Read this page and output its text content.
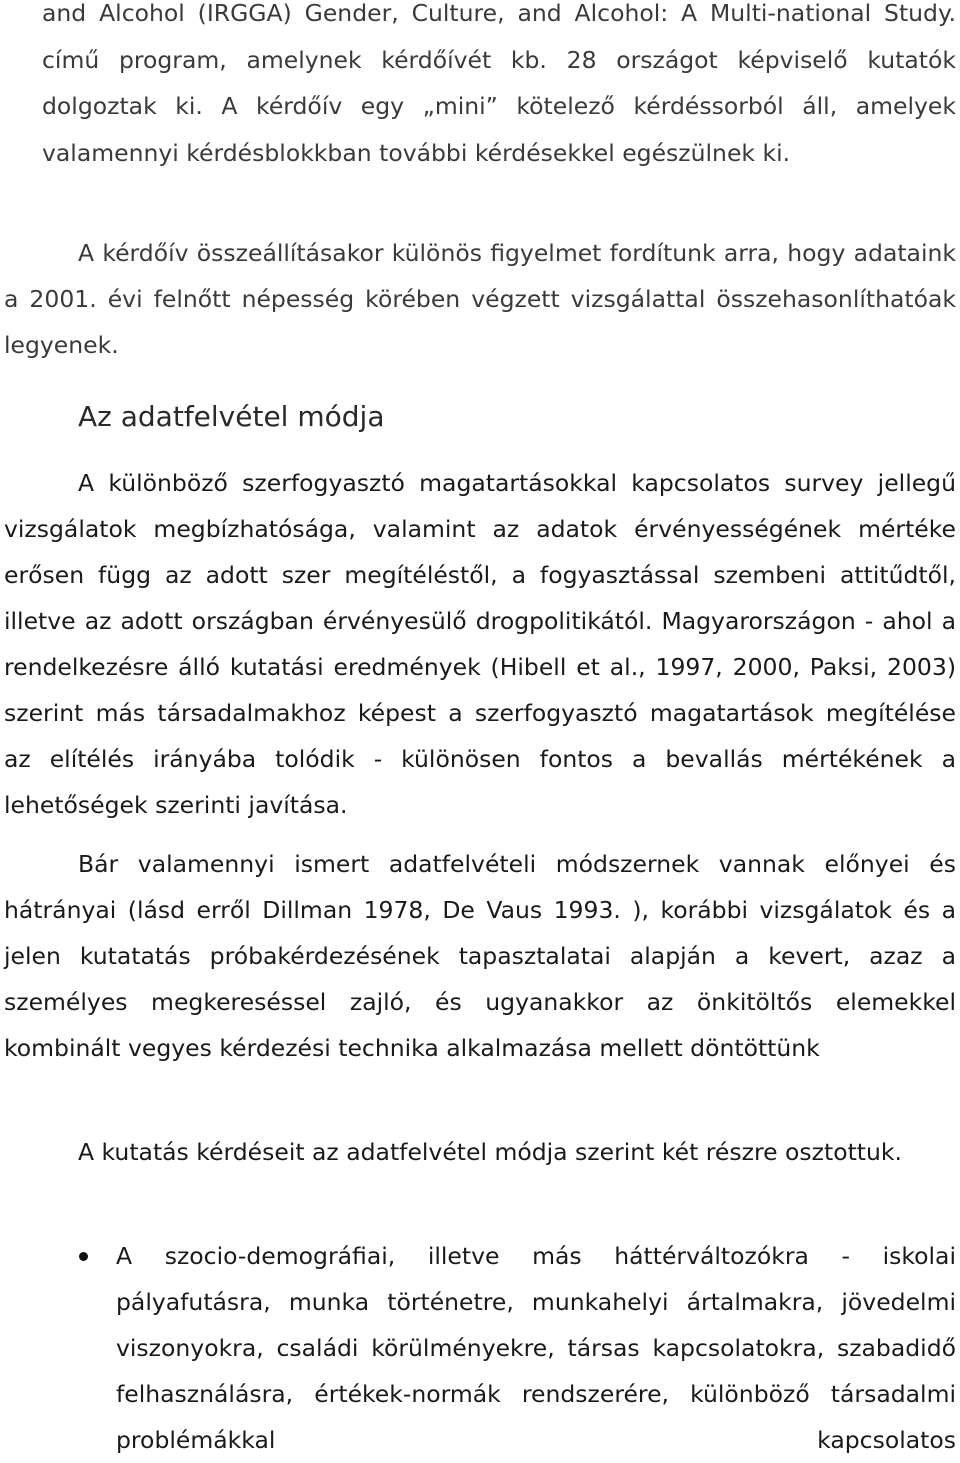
and Alcohol (IRGGA) Gender, Culture, and Alcohol: A Multi-national Study. című program, amelynek kérdőívét kb. 28 országot képviselő kutatók dolgoztak ki. A kérdőív egy „mini” kötelező kérdéssorból áll, amelyek valamennyi kérdésblokkban további kérdésekkel egészülnek ki.
A kérdőív összeállításakor különös figyelmet fordítunk arra, hogy adataink a 2001. évi felnőtt népesség körében végzett vizsgálattal összehasonlíthatóak legyenek.
Az adatfelvétel módja
A különböző szerfogyasztó magatartásokkal kapcsolatos survey jellegű vizsgálatok megbízhatósága, valamint az adatok érvényességének mértéke erősen függ az adott szer megítéléstől, a fogyasztással szembeni attitűdtől, illetve az adott országban érvényesülő drogpolitikától. Magyarországon - ahol a rendelkezésre álló kutatási eredmények (Hibell et al., 1997, 2000, Paksi, 2003) szerint más társadalmakhoz képest a szerfogyasztó magatartások megítélése az elítélés irányába tolódik - különösen fontos a bevallás mértékének a lehetőségek szerinti javítása.
Bár valamennyi ismert adatfelvételi módszernek vannak előnyei és hátrányai (lásd erről Dillman 1978, De Vaus 1993. ), korábbi vizsgálatok és a jelen kutatatás próbakérdezésének tapasztalatai alapján a kevert, azaz a személyes megkereséssel zajló, és ugyanakkor az önkitöltős elemekkel kombinált vegyes kérdezési technika alkalmazása mellett döntöttünk
A kutatás kérdéseit az adatfelvétel módja szerint két részre osztottuk.
A szocio-demográfiai, illetve más háttérváltozókra - iskolai pályafutásra, munka történetre, munkahelyi ártalmakra, jövedelmi viszonyokra, családi körülményekre, társas kapcsolatokra, szabadidő felhasználásra, értékek-normák rendszerére, különböző társadalmi problémákkal kapcsolatos
